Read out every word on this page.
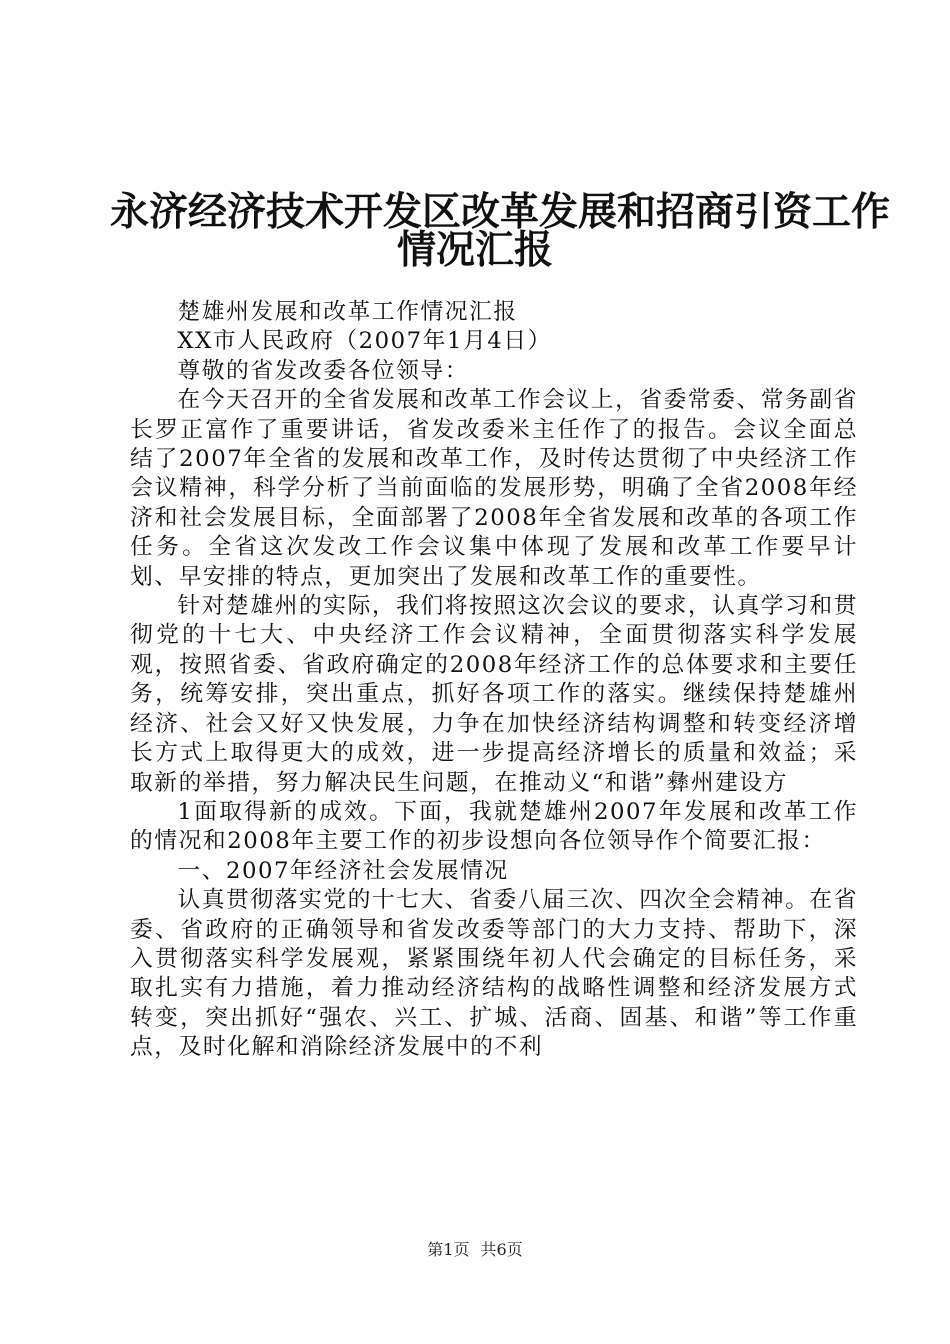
永济经济技术开发区改革发展和招商引资工作
情况汇报

楚雄州发展和改革工作情况汇报

XX市人民政府（2007年1月4日）

尊敬的省发改委各位领导：

在今天召开的全省发展和改革工作会议上，省委常委、常务副省长罗正富作了重要讲话，省发改委米主任作了的报告。会议全面总结了2007年全省的发展和改革工作，及时传达贯彻了中央经济工作会议精神，科学分析了当前面临的发展形势，明确了全省2008年经济和社会发展目标，全面部署了2008年全省发展和改革的各项工作任务。全省这次发改工作会议集中体现了发展和改革工作要早计划、早安排的特点，更加突出了发展和改革工作的重要性。

针对楚雄州的实际，我们将按照这次会议的要求，认真学习和贯彻党的十七大、中央经济工作会议精神，全面贯彻落实科学发展观，按照省委、省政府确定的2008年经济工作的总体要求和主要任务，统筹安排，突出重点，抓好各项工作的落实。继续保持楚雄州经济、社会又好又快发展，力争在加快经济结构调整和转变经济增长方式上取得更大的成效，进一步提高经济增长的质量和效益；采取新的举措，努力解决民生问题，在推动义“和谐”彝州建设方

1面取得新的成效。下面，我就楚雄州2007年发展和改革工作的情况和2008年主要工作的初步设想向各位领导作个简要汇报：

一、2007年经济社会发展情况

认真贯彻落实党的十七大、省委八届三次、四次全会精神。在省委、省政府的正确领导和省发改委等部门的大力支持、帮助下，深入贯彻落实科学发展观，紧紧围绕年初人代会确定的目标任务，采取扎实有力措施，着力推动经济结构的战略性调整和经济发展方式转变，突出抓好“强农、兴工、扩城、活商、固基、和谐”等工作重点，及时化解和消除经济发展中的不利

第1页 共6页
